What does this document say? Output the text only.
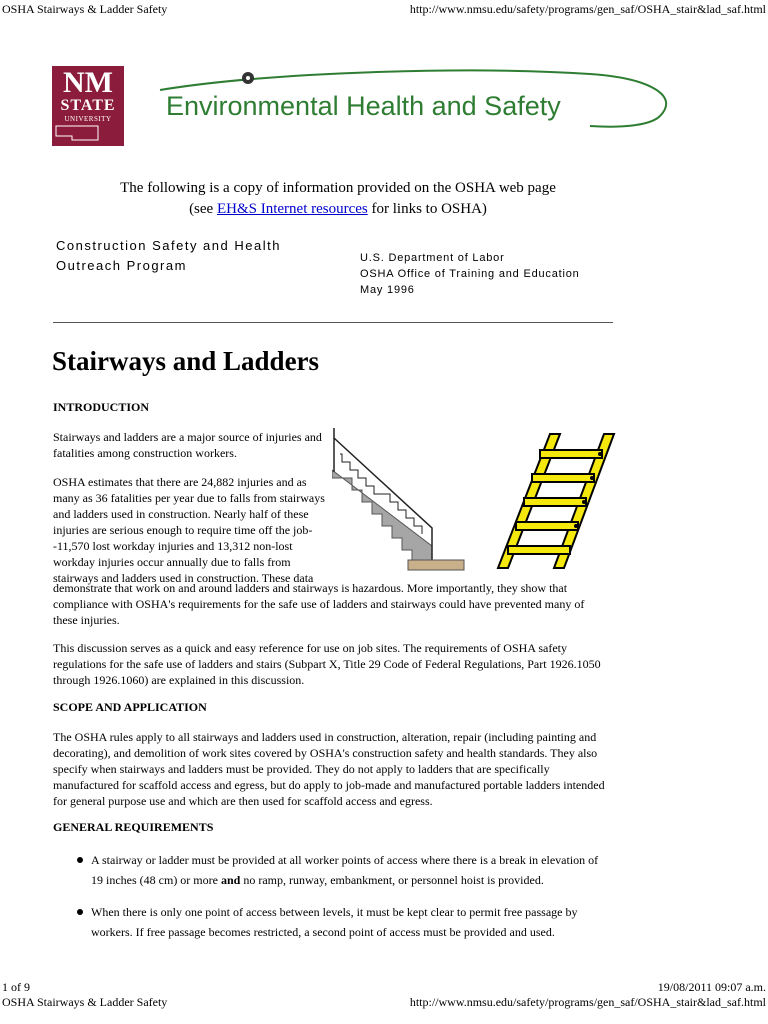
OSHA Stairways & Ladder Safety	http://www.nmsu.edu/safety/programs/gen_saf/OSHA_stair&lad_saf.html
NM
STATE
UNIVERSITY	Environmental Health and Safety
The following is a copy of information provided on the OSHA web page
(see EH&S Internet resources for links to OSHA)
Construction Safety and Health
Outreach Program	U.S. Department of Labor
OSHA Office of Training and Education
May 1996
Stairways and Ladders
INTRODUCTION
Stairways and ladders are a major source of injuries and fatalities among construction workers.
OSHA estimates that there are 24,882 injuries and as many as 36 fatalities per year due to falls from stairways and ladders used in construction. Nearly half of these injuries are serious enough to require time off the job--11,570 lost workday injuries and 13,312 non-lost workday injuries occur annually due to falls from stairways and ladders used in construction. These data
demonstrate that work on and around ladders and stairways is hazardous. More importantly, they show that compliance with OSHA's requirements for the safe use of ladders and stairways could have prevented many of these injuries.
This discussion serves as a quick and easy reference for use on job sites. The requirements of OSHA safety regulations for the safe use of ladders and stairs (Subpart X, Title 29 Code of Federal Regulations, Part 1926.1050 through 1926.1060) are explained in this discussion.
SCOPE AND APPLICATION
The OSHA rules apply to all stairways and ladders used in construction, alteration, repair (including painting and decorating), and demolition of work sites covered by OSHA's construction safety and health standards. They also specify when stairways and ladders must be provided. They do not apply to ladders that are specifically manufactured for scaffold access and egress, but do apply to job-made and manufactured portable ladders intended for general purpose use and which are then used for scaffold access and egress.
GENERAL REQUIREMENTS
A stairway or ladder must be provided at all worker points of access where there is a break in elevation of 19 inches (48 cm) or more and no ramp, runway, embankment, or personnel hoist is provided.
When there is only one point of access between levels, it must be kept clear to permit free passage by workers. If free passage becomes restricted, a second point of access must be provided and used.
1 of 9	19/08/2011 09:07 a.m.
OSHA Stairways & Ladder Safety	http://www.nmsu.edu/safety/programs/gen_saf/OSHA_stair&lad_saf.html
